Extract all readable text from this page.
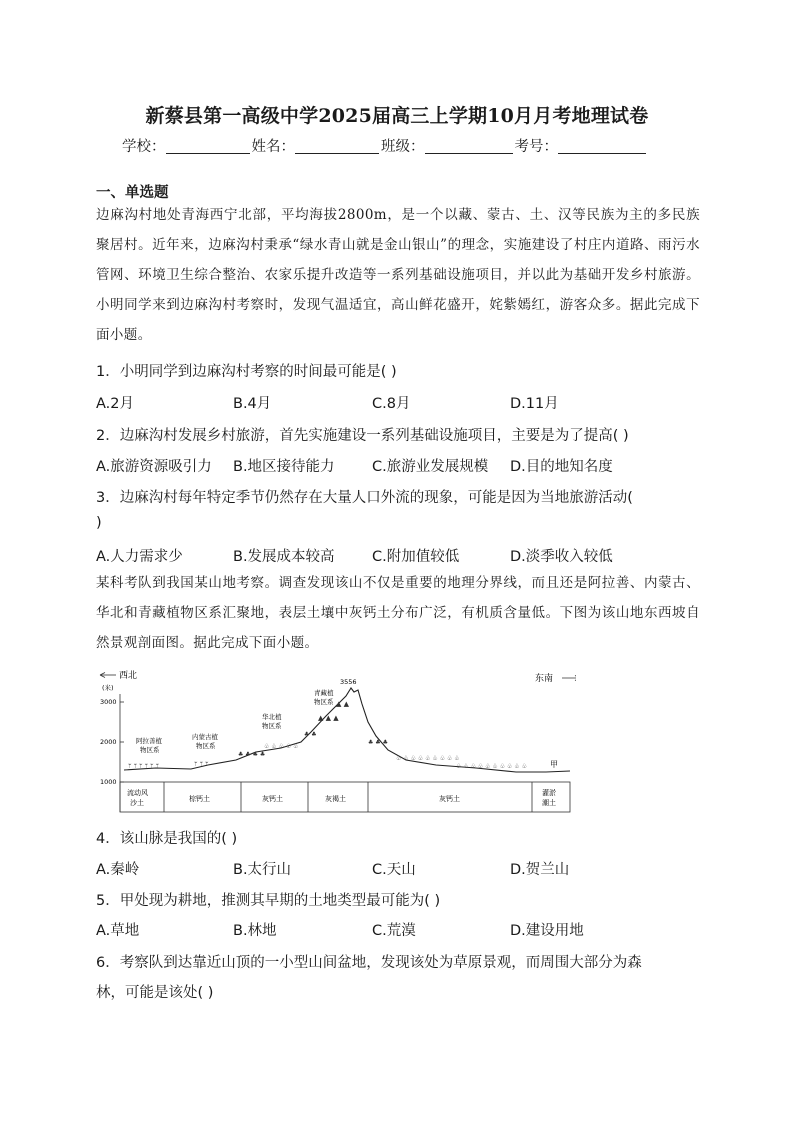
新蔡县第一高级中学2025届高三上学期10月月考地理试卷
学校：	姓名：	班级：	考号：
一、单选题
边麻沟村地处青海西宁北部，平均海拔2800m，是一个以藏、蒙古、土、汉等民族为主的多民族聚居村。近年来，边麻沟村秉承“绿水青山就是金山银山”的理念，实施建设了村庄内道路、雨污水管网、环境卫生综合整治、农家乐提升改造等一系列基础设施项目，并以此为基础开发乡村旅游。小明同学来到边麻沟村考察时，发现气温适宜，高山鲜花盛开，姹紫嫣红，游客众多。据此完成下面小题。
1．小明同学到边麻沟村考察的时间最可能是( )
A.2月	B.4月	C.8月	D.11月
2．边麻沟村发展乡村旅游，首先实施建设一系列基础设施项目，主要是为了提高( )
A.旅游资源吸引力 B.地区接待能力	C.旅游业发展规模 D.目的地知名度
3．边麻沟村每年特定季节仍然存在大量人口外流的现象，可能是因为当地旅游活动(
)
A.人力需求少	B.发展成本较高	C.附加值较低	D.淡季收入较低
某科考队到我国某山地考察。调查发现该山不仅是重要的地理分界线，而且还是阿拉善、内蒙古、华北和青藏植物区系汇聚地，表层土壤中灰钙土分布广泛，有机质含量低。下图为该山地东西坡自然景观剖面图。据此完成下面小题。
西北	东南
(米)
3000
2000
1000
ᛘ ᛘ ᛘ ᛘ ᛘ ᛘ	ᛘ ᛘ ᛘ
♣ ♣ ♣ ♣
♧ ♧ ♧ ♧ ♧
♣ ♣
▲ ▲ ▲
▲ ▲
♣ ♣ ♣
♧ ♧ ♧ ♧ ♧ ♧ ♧ ♧ ♧
♧ ♧ ♧ ♧ ♧ ♧ ♧ ♧ ♧ ♧
阿拉善植
物区系
内蒙古植
物区系
华北植
物区系
青藏植
物区系
3556
甲
流动风
沙土	棕钙土	灰钙土	灰褐土	灰钙土
灌淤
潮土
4．该山脉是我国的( )
A.秦岭	B.太行山	C.天山	D.贺兰山
5．甲处现为耕地，推测其早期的土地类型最可能为( )
A.草地	B.林地	C.荒漠	D.建设用地
6．考察队到达靠近山顶的一小型山间盆地，发现该处为草原景观，而周围大部分为森
林，可能是该处( )
